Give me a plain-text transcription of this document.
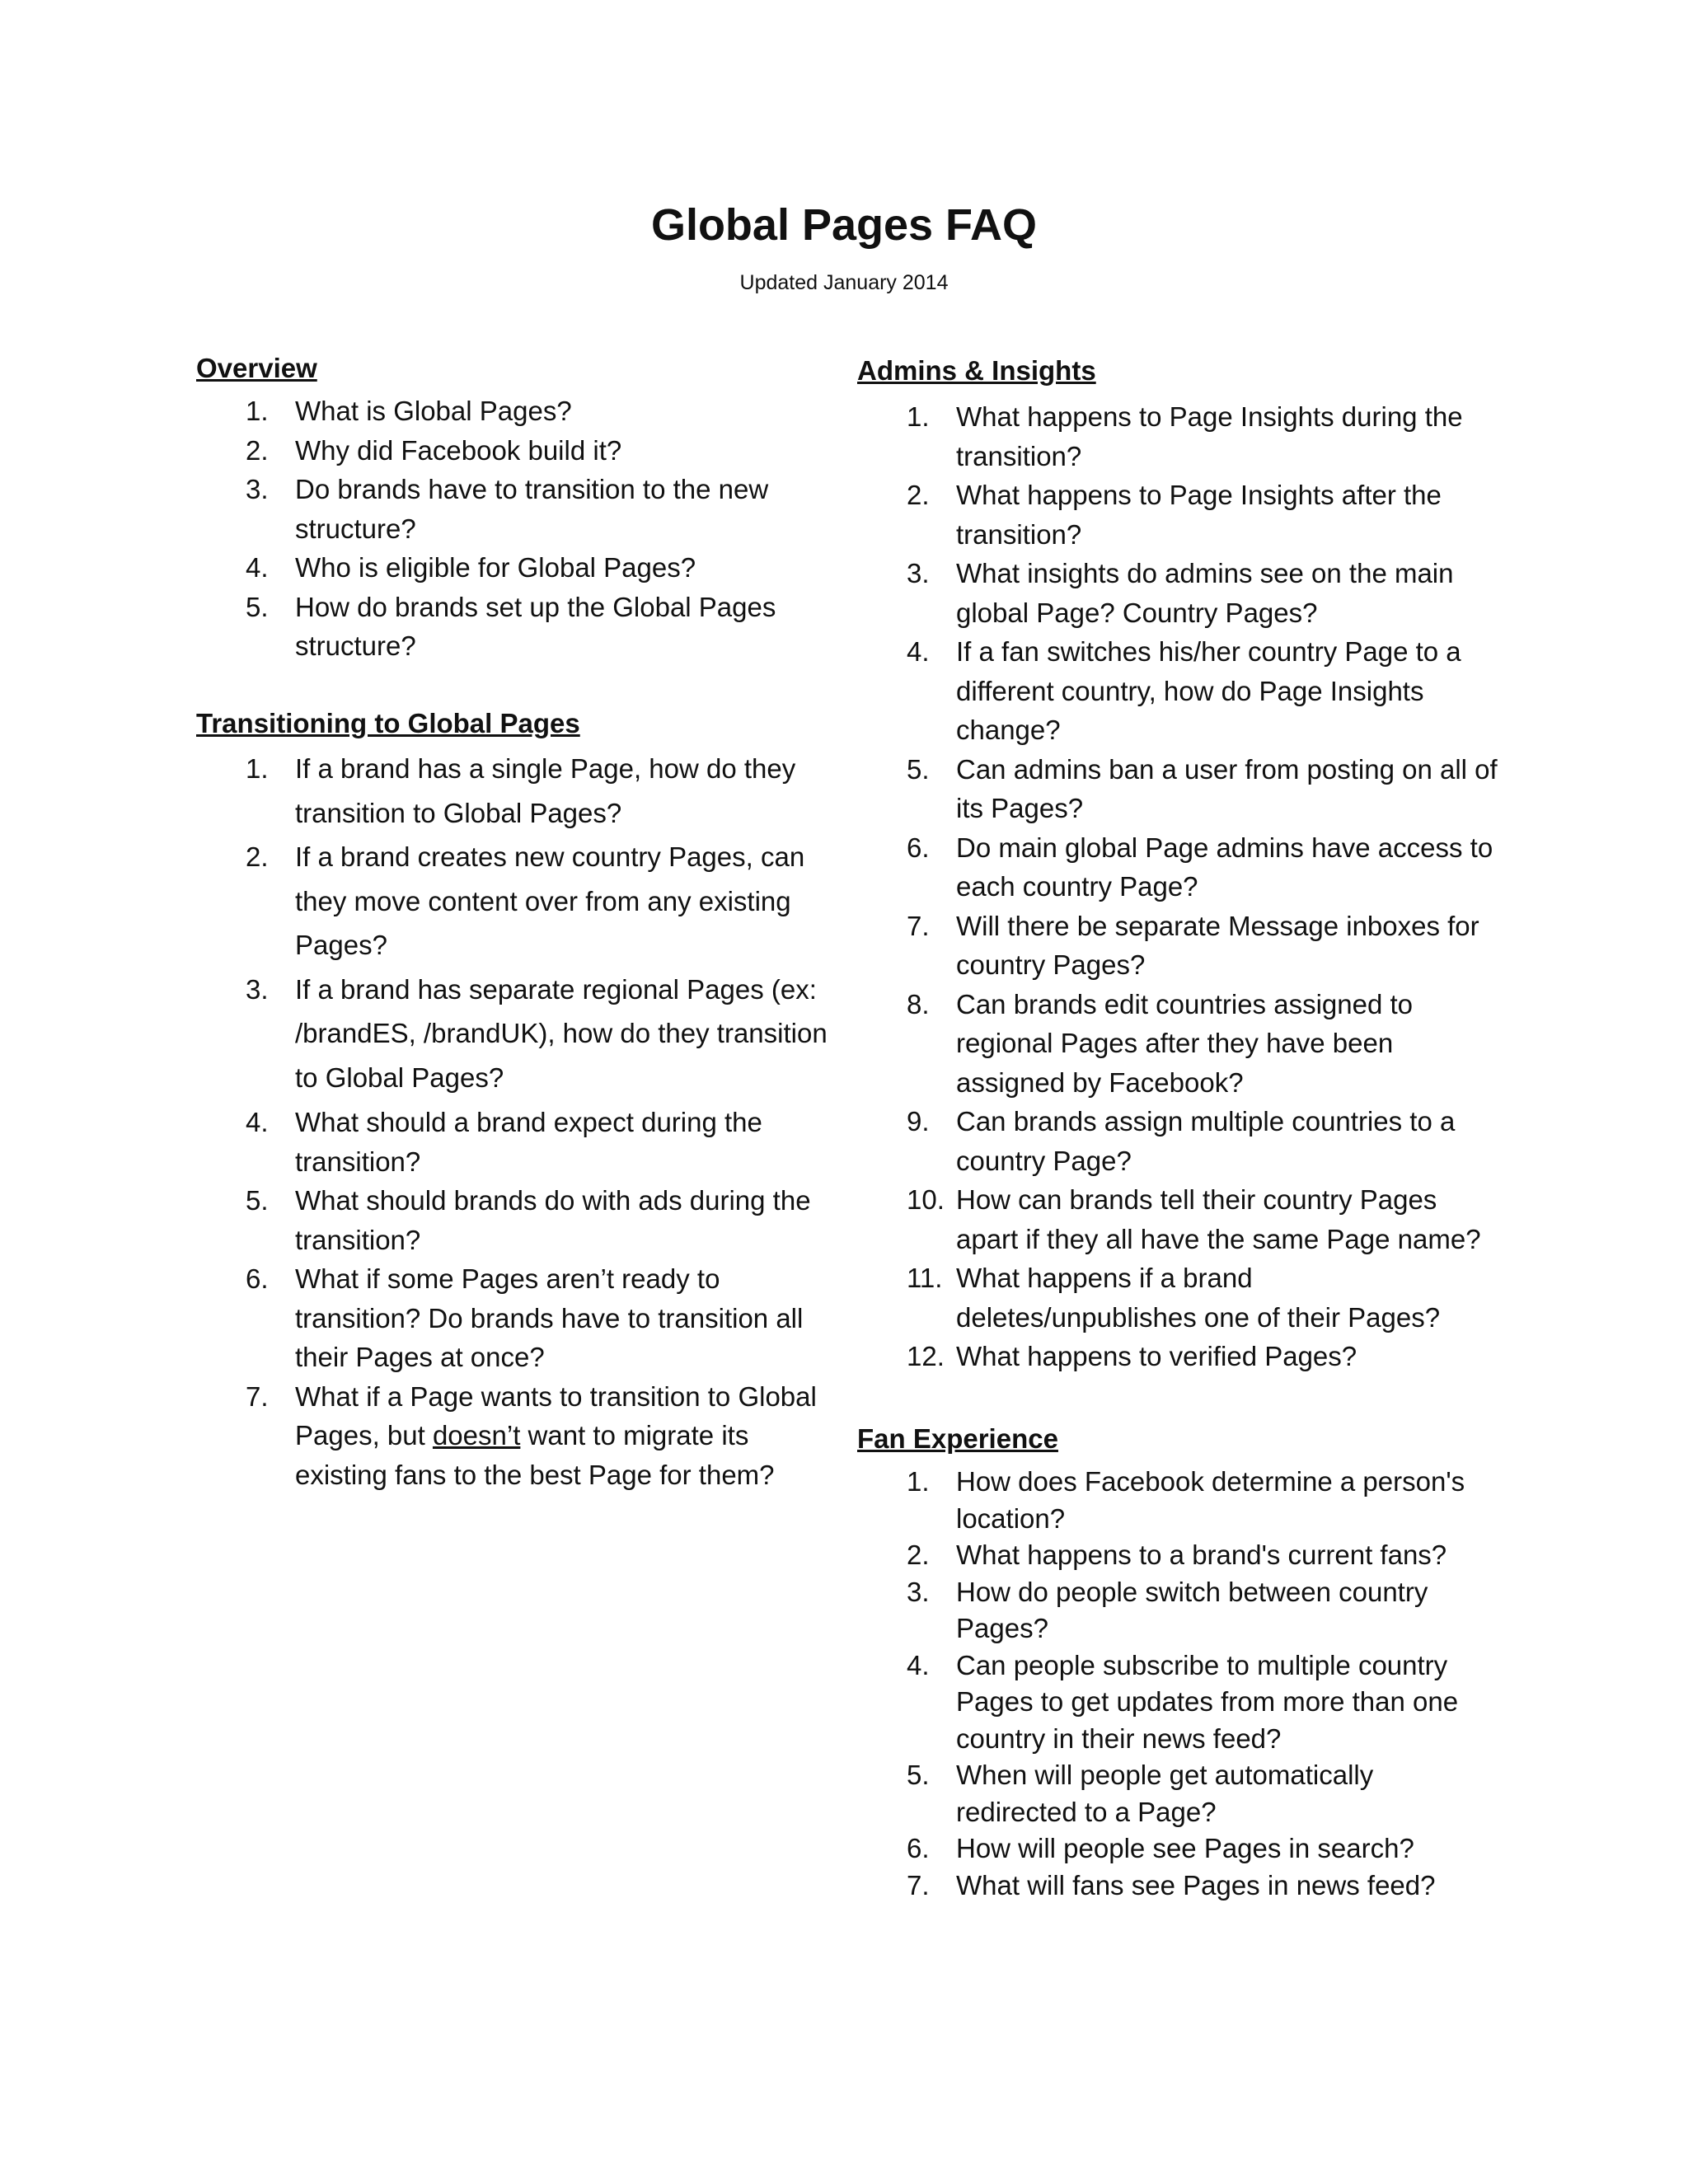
Global Pages FAQ
Updated January 2014
Overview
1. What is Global Pages?
2. Why did Facebook build it?
3. Do brands have to transition to the new structure?
4. Who is eligible for Global Pages?
5. How do brands set up the Global Pages structure?
Transitioning to Global Pages
1. If a brand has a single Page, how do they transition to Global Pages?
2. If a brand creates new country Pages, can they move content over from any existing Pages?
3. If a brand has separate regional Pages (ex: /brandES, /brandUK), how do they transition to Global Pages?
4. What should a brand expect during the transition?
5. What should brands do with ads during the transition?
6. What if some Pages aren’t ready to transition? Do brands have to transition all their Pages at once?
7. What if a Page wants to transition to Global Pages, but doesn’t want to migrate its existing fans to the best Page for them?
Admins & Insights
1. What happens to Page Insights during the transition?
2. What happens to Page Insights after the transition?
3. What insights do admins see on the main global Page? Country Pages?
4. If a fan switches his/her country Page to a different country, how do Page Insights change?
5. Can admins ban a user from posting on all of its Pages?
6. Do main global Page admins have access to each country Page?
7. Will there be separate Message inboxes for country Pages?
8. Can brands edit countries assigned to regional Pages after they have been assigned by Facebook?
9. Can brands assign multiple countries to a country Page?
10. How can brands tell their country Pages apart if they all have the same Page name?
11. What happens if a brand deletes/unpublishes one of their Pages?
12. What happens to verified Pages?
Fan Experience
1. How does Facebook determine a person's location?
2. What happens to a brand's current fans?
3. How do people switch between country Pages?
4. Can people subscribe to multiple country Pages to get updates from more than one country in their news feed?
5. When will people get automatically redirected to a Page?
6. How will people see Pages in search?
7. What will fans see Pages in news feed?
